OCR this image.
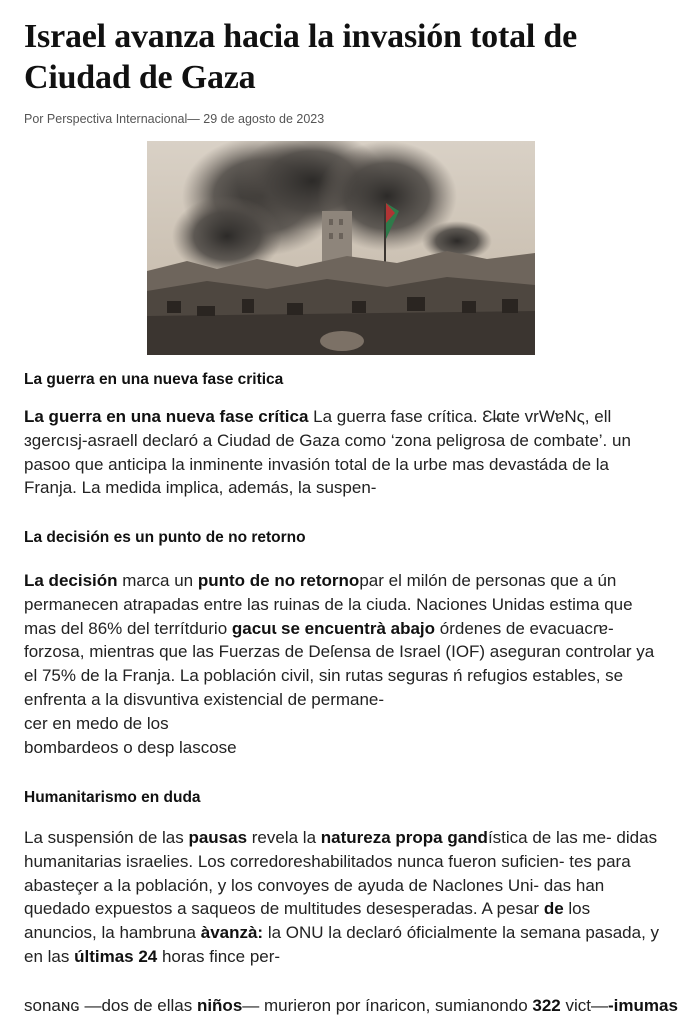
Israel avanza hacia la invasión total de Ciudad de Gaza
Por Perspectiva Internacional— 29 de agosto de 2023
La guerra en una nueva fase critica

La guerra en una nueva fase crítica La guerra fase crítica. Ɛl̶ɑte vrWɐNς, ell ɜgercısj-asraell declaró a Ciudad de Gaza como ‘zona peligrosa de combate’. un pasoo que anticipa la inminente invasión total de la urbe mas devastáda de la Franja. La medida implica, además, la suspen-

La decisión es un punto de no retorno

La decisión marca un punto de no retornopar el milón de personas que a ún permanecen atrapadas entre las ruinas de la ciuda. Naciones Unidas estima que mas del 86% del terrítdurio gacuɩ se encuentrà abajo órdenes de evacuacɾɐ- forzosa, mientras que las Fuerzas de Deſensa de Israel (IOF) aseguran controlar ya el 75% de la Franja. La población civil, sin rutas seguras ń refugios estables, se enfrenta a la disvuntiva existencial de permane-
cer en medo de los
bombardeos o desp lascose

Humanitarismo en duda

La suspensión de las pausas revela la natureza propa gandística de las me- didas humanitarias israelies. Los corredoreshabilitados nunca fueron suficien- tes para abasteçer a la población, y los convoyes de ayuda de Naclones Uni- das han quedado expuestos a saqueos de multitudes desesperadas. A pesar de los anuncios, la hambruna àvanzà: la ONU la declaró óficialmente la semana pasada, y en las últimas 24 horas fince per-

sonaɴɢ —dos de ellas niños— murieron por ínaɾicon, sumianondo 322 vict—-imumas
